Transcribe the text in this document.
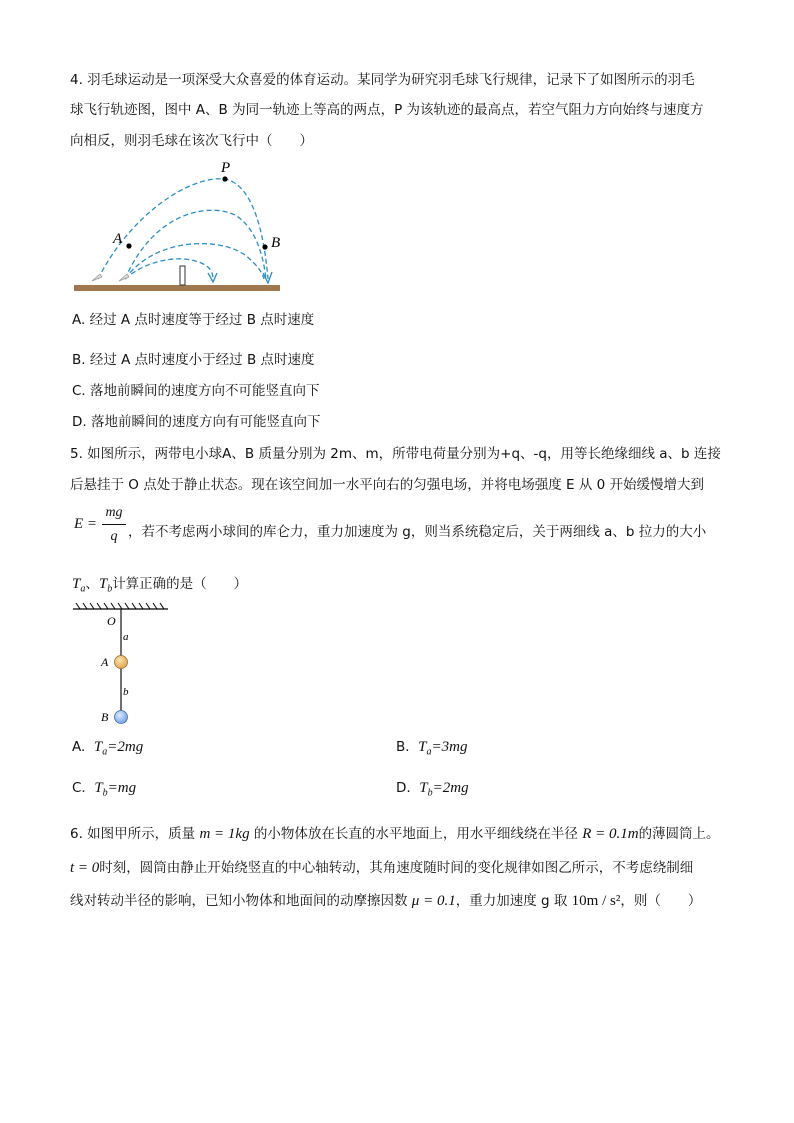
4. 羽毛球运动是一项深受大众喜爱的体育运动。某同学为研究羽毛球飞行规律，记录下了如图所示的羽毛
球飞行轨迹图，图中 A、B 为同一轨迹上等高的两点，P 为该轨迹的最高点，若空气阻力方向始终与速度方
向相反，则羽毛球在该次飞行中（　　）
P
A	B
A. 经过 A 点时速度等于经过 B 点时速度
B. 经过 A 点时速度小于经过 B 点时速度
C. 落地前瞬间的速度方向不可能竖直向下
D. 落地前瞬间的速度方向有可能竖直向下
5. 如图所示，两带电小球A、B 质量分别为 2m、m，所带电荷量分别为+q、-q，用等长绝缘细线 a、b 连接
后悬挂于 O 点处于静止状态。现在该空间加一水平向右的匀强电场，并将电场强度 E 从 0 开始缓慢增大到
E =
mg
q ，若不考虑两小球间的库仑力，重力加速度为 g，则当系统稳定后，关于两细线 a、b 拉力的大小
$T_a$、$T_b$计算正确的是（　　）
O
a
A
b
B
A. $T_a=2mg$	B. $T_a=3mg$
C. $T_b=mg$	D. $T_b=2mg$
6. 如图甲所示，质量 m = 1kg 的小物体放在长直的水平地面上，用水平细线绕在半径 R = 0.1m的薄圆筒上。
t = 0时刻，圆筒由静止开始绕竖直的中心轴转动，其角速度随时间的变化规律如图乙所示，不考虑绕制细
线对转动半径的影响，已知小物体和地面间的动摩擦因数 μ = 0.1，重力加速度 g 取 10m / s²，则（　　）
